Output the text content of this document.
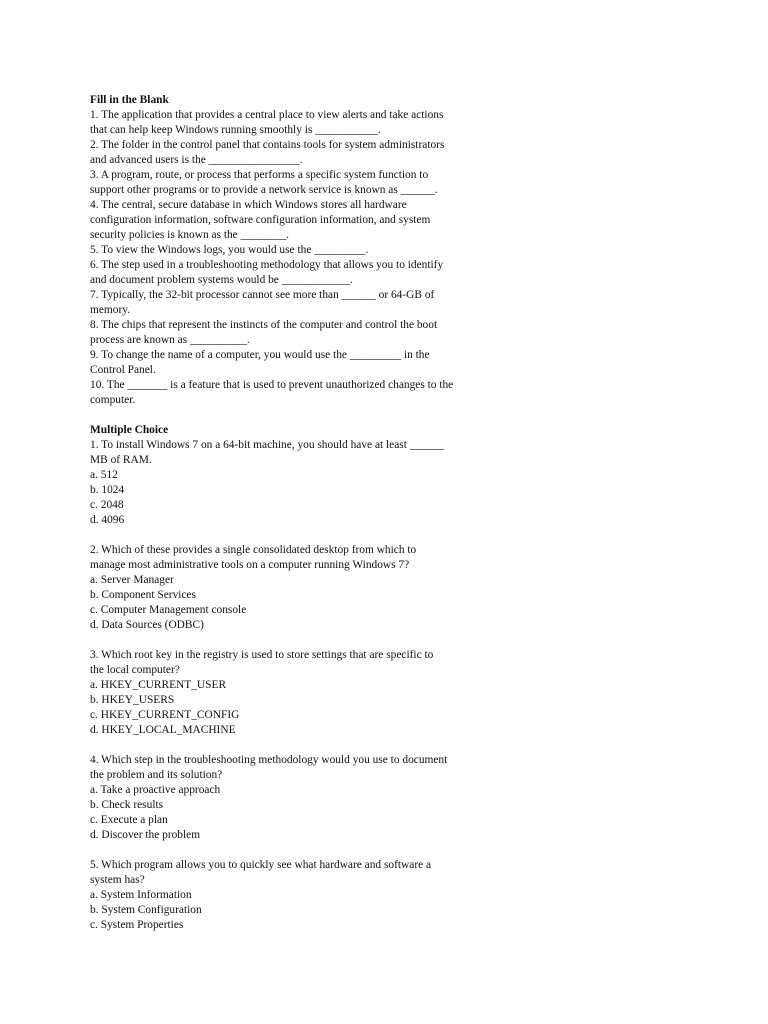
Fill in the Blank

1. The application that provides a central place to view alerts and take actions

that can help keep Windows running smoothly is ___________.

2. The folder in the control panel that contains tools for system administrators

and advanced users is the ________________.

3. A program, route, or process that performs a specific system function to

support other programs or to provide a network service is known as ______.

4. The central, secure database in which Windows stores all hardware

configuration information, software configuration information, and system

security policies is known as the ________.

5. To view the Windows logs, you would use the _________.

6. The step used in a troubleshooting methodology that allows you to identify

and document problem systems would be ____________.

7. Typically, the 32-bit processor cannot see more than ______ or 64-GB of

memory.

8. The chips that represent the instincts of the computer and control the boot

process are known as __________.

9. To change the name of a computer, you would use the _________ in the

Control Panel.

10. The _______ is a feature that is used to prevent unauthorized changes to the

computer.

Multiple Choice

1. To install Windows 7 on a 64-bit machine, you should have at least ______

MB of RAM.

a. 512

b. 1024

c. 2048

d. 4096

2. Which of these provides a single consolidated desktop from which to

manage most administrative tools on a computer running Windows 7?

a. Server Manager

b. Component Services

c. Computer Management console

d. Data Sources (ODBC)

3. Which root key in the registry is used to store settings that are specific to

the local computer?

a. HKEY_CURRENT_USER

b. HKEY_USERS

c. HKEY_CURRENT_CONFIG

d. HKEY_LOCAL_MACHINE

4. Which step in the troubleshooting methodology would you use to document

the problem and its solution?

a. Take a proactive approach

b. Check results

c. Execute a plan

d. Discover the problem

5. Which program allows you to quickly see what hardware and software a

system has?

a. System Information

b. System Configuration

c. System Properties
